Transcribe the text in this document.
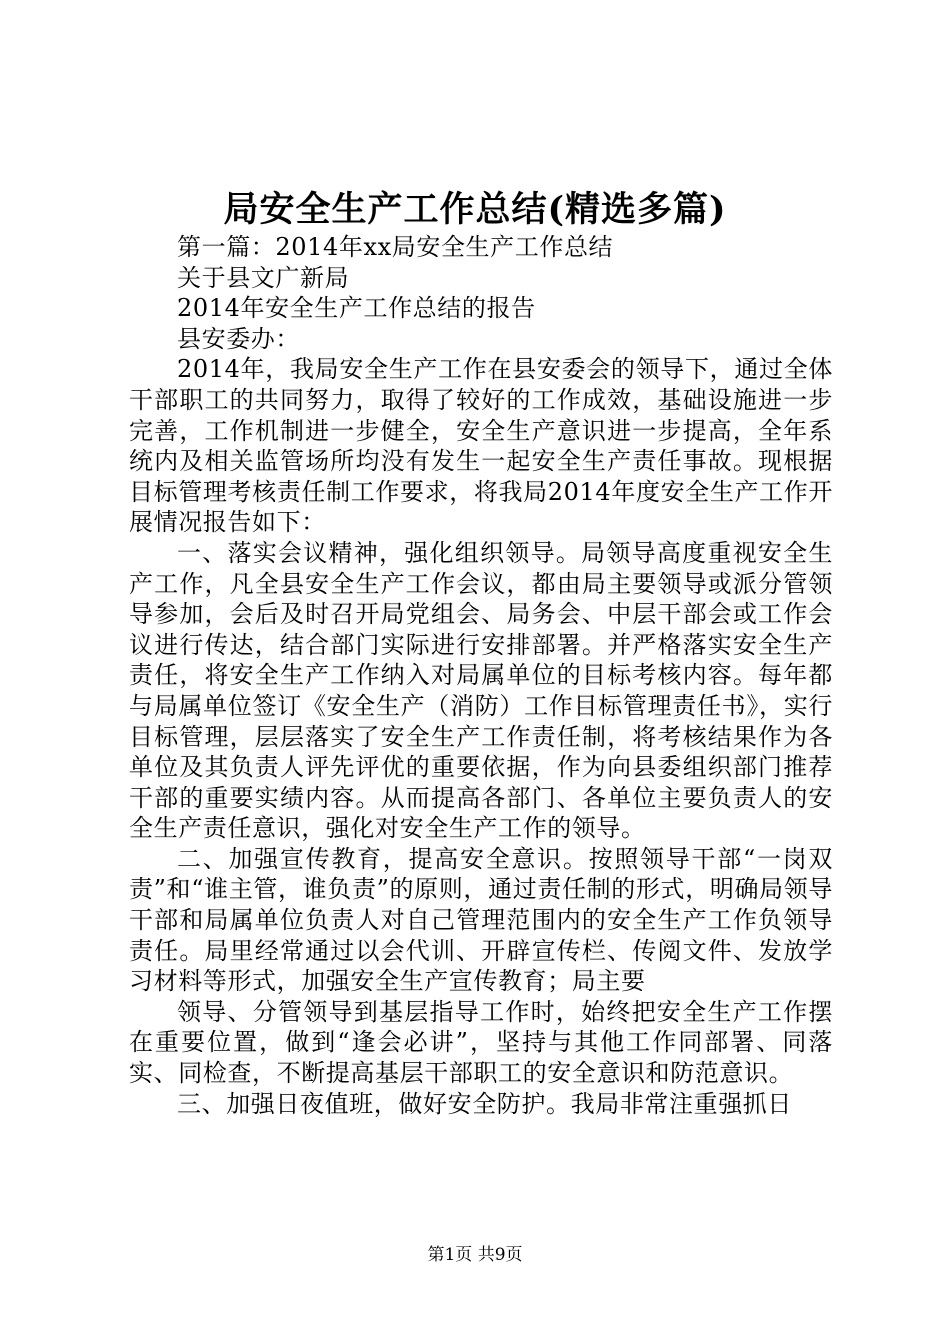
局安全生产工作总结(精选多篇)

第一篇：2014年xx局安全生产工作总结

关于县文广新局

2014年安全生产工作总结的报告

县安委办：

2014年，我局安全生产工作在县安委会的领导下，通过全体干部职工的共同努力，取得了较好的工作成效，基础设施进一步完善，工作机制进一步健全，安全生产意识进一步提高，全年系统内及相关监管场所均没有发生一起安全生产责任事故。现根据目标管理考核责任制工作要求，将我局2014年度安全生产工作开展情况报告如下：

一、落实会议精神，强化组织领导。局领导高度重视安全生产工作，凡全县安全生产工作会议，都由局主要领导或派分管领导参加，会后及时召开局党组会、局务会、中层干部会或工作会议进行传达，结合部门实际进行安排部署。并严格落实安全生产责任，将安全生产工作纳入对局属单位的目标考核内容。每年都与局属单位签订《安全生产（消防）工作目标管理责任书》，实行目标管理，层层落实了安全生产工作责任制，将考核结果作为各单位及其负责人评先评优的重要依据，作为向县委组织部门推荐干部的重要实绩内容。从而提高各部门、各单位主要负责人的安全生产责任意识，强化对安全生产工作的领导。

二、加强宣传教育，提高安全意识。按照领导干部“一岗双责”和“谁主管，谁负责”的原则，通过责任制的形式，明确局领导干部和局属单位负责人对自己管理范围内的安全生产工作负领导责任。局里经常通过以会代训、开辟宣传栏、传阅文件、发放学习材料等形式，加强安全生产宣传教育；局主要

领导、分管领导到基层指导工作时，始终把安全生产工作摆在重要位置，做到“逢会必讲”，坚持与其他工作同部署、同落实、同检查，不断提高基层干部职工的安全意识和防范意识。

三、加强日夜值班，做好安全防护。我局非常注重强抓日

第1页 共9页
